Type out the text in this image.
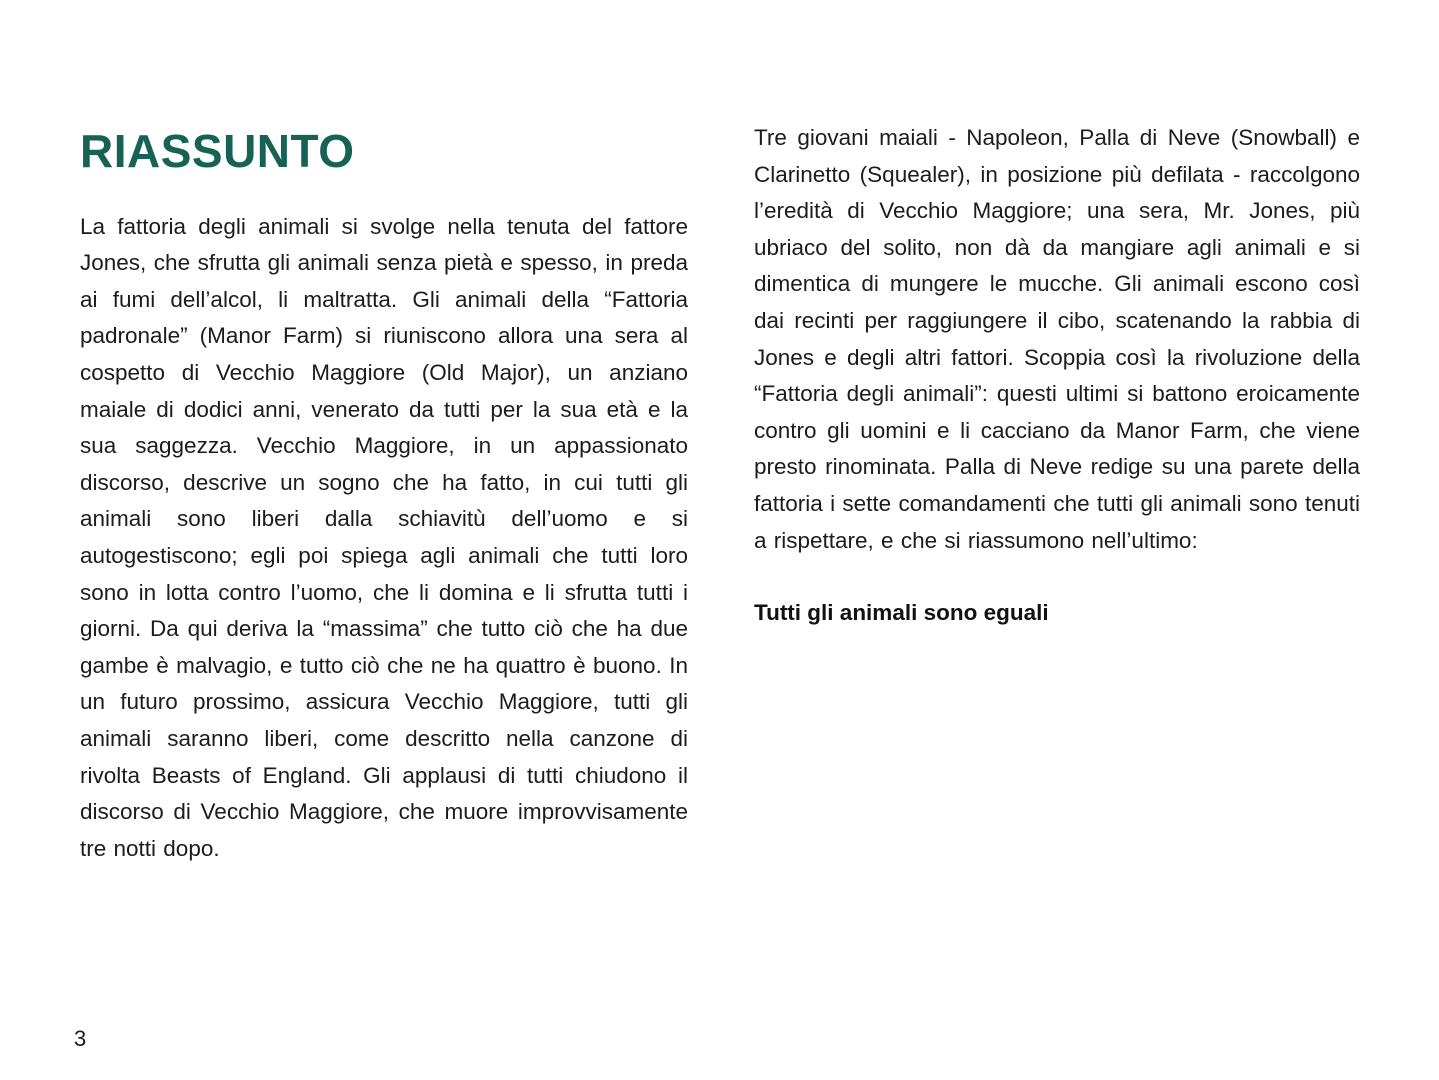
RIASSUNTO

La fattoria degli animali si svolge nella tenuta del fattore Jones, che sfrutta gli animali senza pietà e spesso, in preda ai fumi dell’alcol, li maltratta. Gli animali della “Fattoria padronale” (Manor Farm) si riuniscono allora una sera al cospetto di Vecchio Maggiore (Old Major), un anziano maiale di dodici anni, venerato da tutti per la sua età e la sua saggezza. Vecchio Maggiore, in un appassionato discorso, descrive un sogno che ha fatto, in cui tutti gli animali sono liberi dalla schiavitù dell’uomo e si autogestiscono; egli poi spiega agli animali che tutti loro sono in lotta contro l’uomo, che li domina e li sfrutta tutti i giorni. Da qui deriva la “massima” che tutto ciò che ha due gambe è malvagio, e tutto ciò che ne ha quattro è buono. In un futuro prossimo, assicura Vecchio Maggiore, tutti gli animali saranno liberi, come descritto nella canzone di rivolta Beasts of England. Gli applausi di tutti chiudono il discorso di Vecchio Maggiore, che muore improvvisamente tre notti dopo.

Tre giovani maiali - Napoleon, Palla di Neve (Snowball) e Clarinetto (Squealer), in posizione più defilata - raccolgono l’eredità di Vecchio Maggiore; una sera, Mr. Jones, più ubriaco del solito, non dà da mangiare agli animali e si dimentica di mungere le mucche. Gli animali escono così dai recinti per raggiungere il cibo, scatenando la rabbia di Jones e degli altri fattori. Scoppia così la rivoluzione della “Fattoria degli animali”: questi ultimi si battono eroicamente contro gli uomini e li cacciano da Manor Farm, che viene presto rinominata. Palla di Neve redige su una parete della fattoria i sette comandamenti che tutti gli animali sono tenuti a rispettare, e che si riassumono nell’ultimo:

Tutti gli animali sono eguali

3
